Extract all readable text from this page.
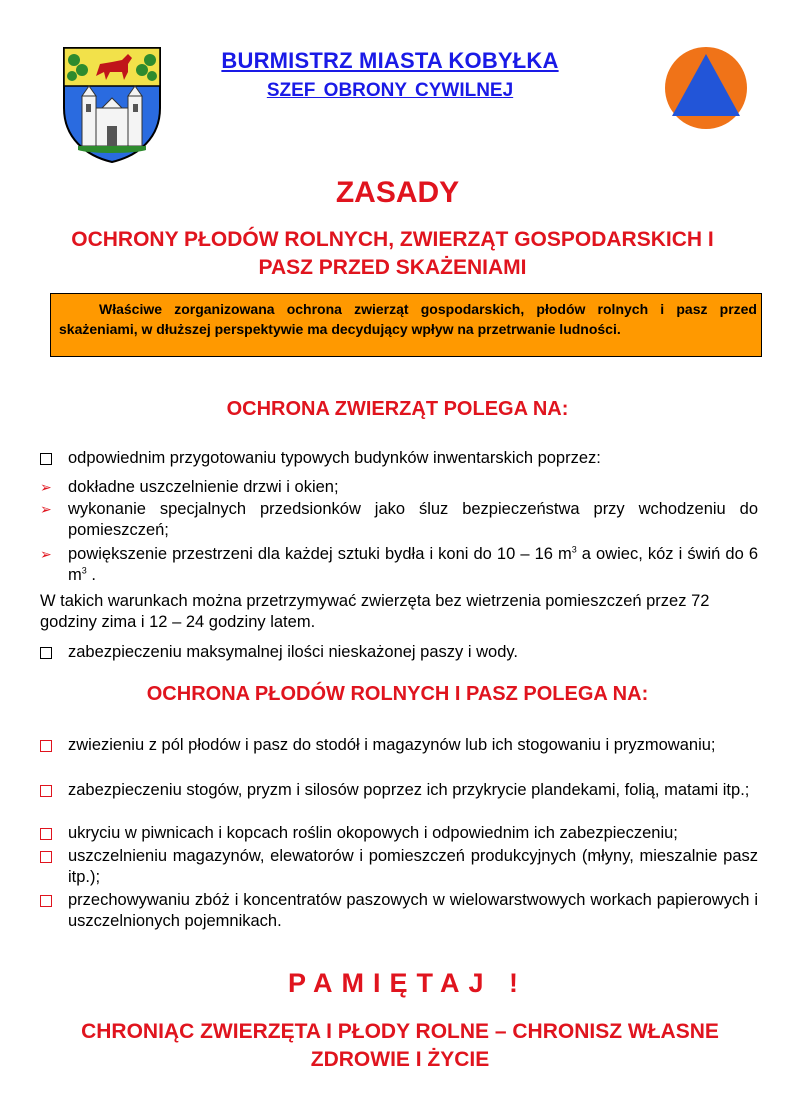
BURMISTRZ MIASTA KOBYŁKA
SZEF OBRONY CYWILNEJ
ZASADY
OCHRONY PŁODÓW ROLNYCH, ZWIERZĄT GOSPODARSKICH I PASZ PRZED SKAŻENIAMI
Właściwe zorganizowana ochrona zwierząt gospodarskich, płodów rolnych i pasz przed skażeniami, w dłuższej perspektywie ma decydujący wpływ na przetrwanie ludności.
OCHRONA ZWIERZĄT POLEGA NA:
odpowiednim przygotowaniu typowych budynków inwentarskich poprzez:
➢ dokładne uszczelnienie drzwi i okien;
➢ wykonanie specjalnych przedsionków jako śluz bezpieczeństwa przy wchodzeniu do pomieszczeń;
➢ powiększenie przestrzeni dla każdej sztuki bydła i koni do 10 – 16 $m^3$ a owiec, kóz i świń do 6 $m^3$ .
W takich warunkach można przetrzymywać zwierzęta bez wietrzenia pomieszczeń przez 72 godziny zima i 12 – 24 godziny latem.
zabezpieczeniu maksymalnej ilości nieskażonej paszy i wody.
OCHRONA PŁODÓW ROLNYCH I PASZ POLEGA NA:
zwiezieniu z pól płodów i pasz do stodół i magazynów lub ich stogowaniu i pryzmowaniu;
zabezpieczeniu stogów, pryzm i silosów poprzez ich przykrycie plandekami, folią, matami itp.;
ukryciu w piwnicach i kopcach roślin okopowych i odpowiednim ich zabezpieczeniu;
uszczelnieniu magazynów, elewatorów i pomieszczeń produkcyjnych (młyny, mieszalnie pasz itp.);
przechowywaniu zbóż i koncentratów paszowych w wielowarstwowych workach papierowych i uszczelnionych pojemnikach.
PAMIĘTAJ !
CHRONIĄC ZWIERZĘTA I PŁODY ROLNE – CHRONISZ WŁASNE ZDROWIE I ŻYCIE
